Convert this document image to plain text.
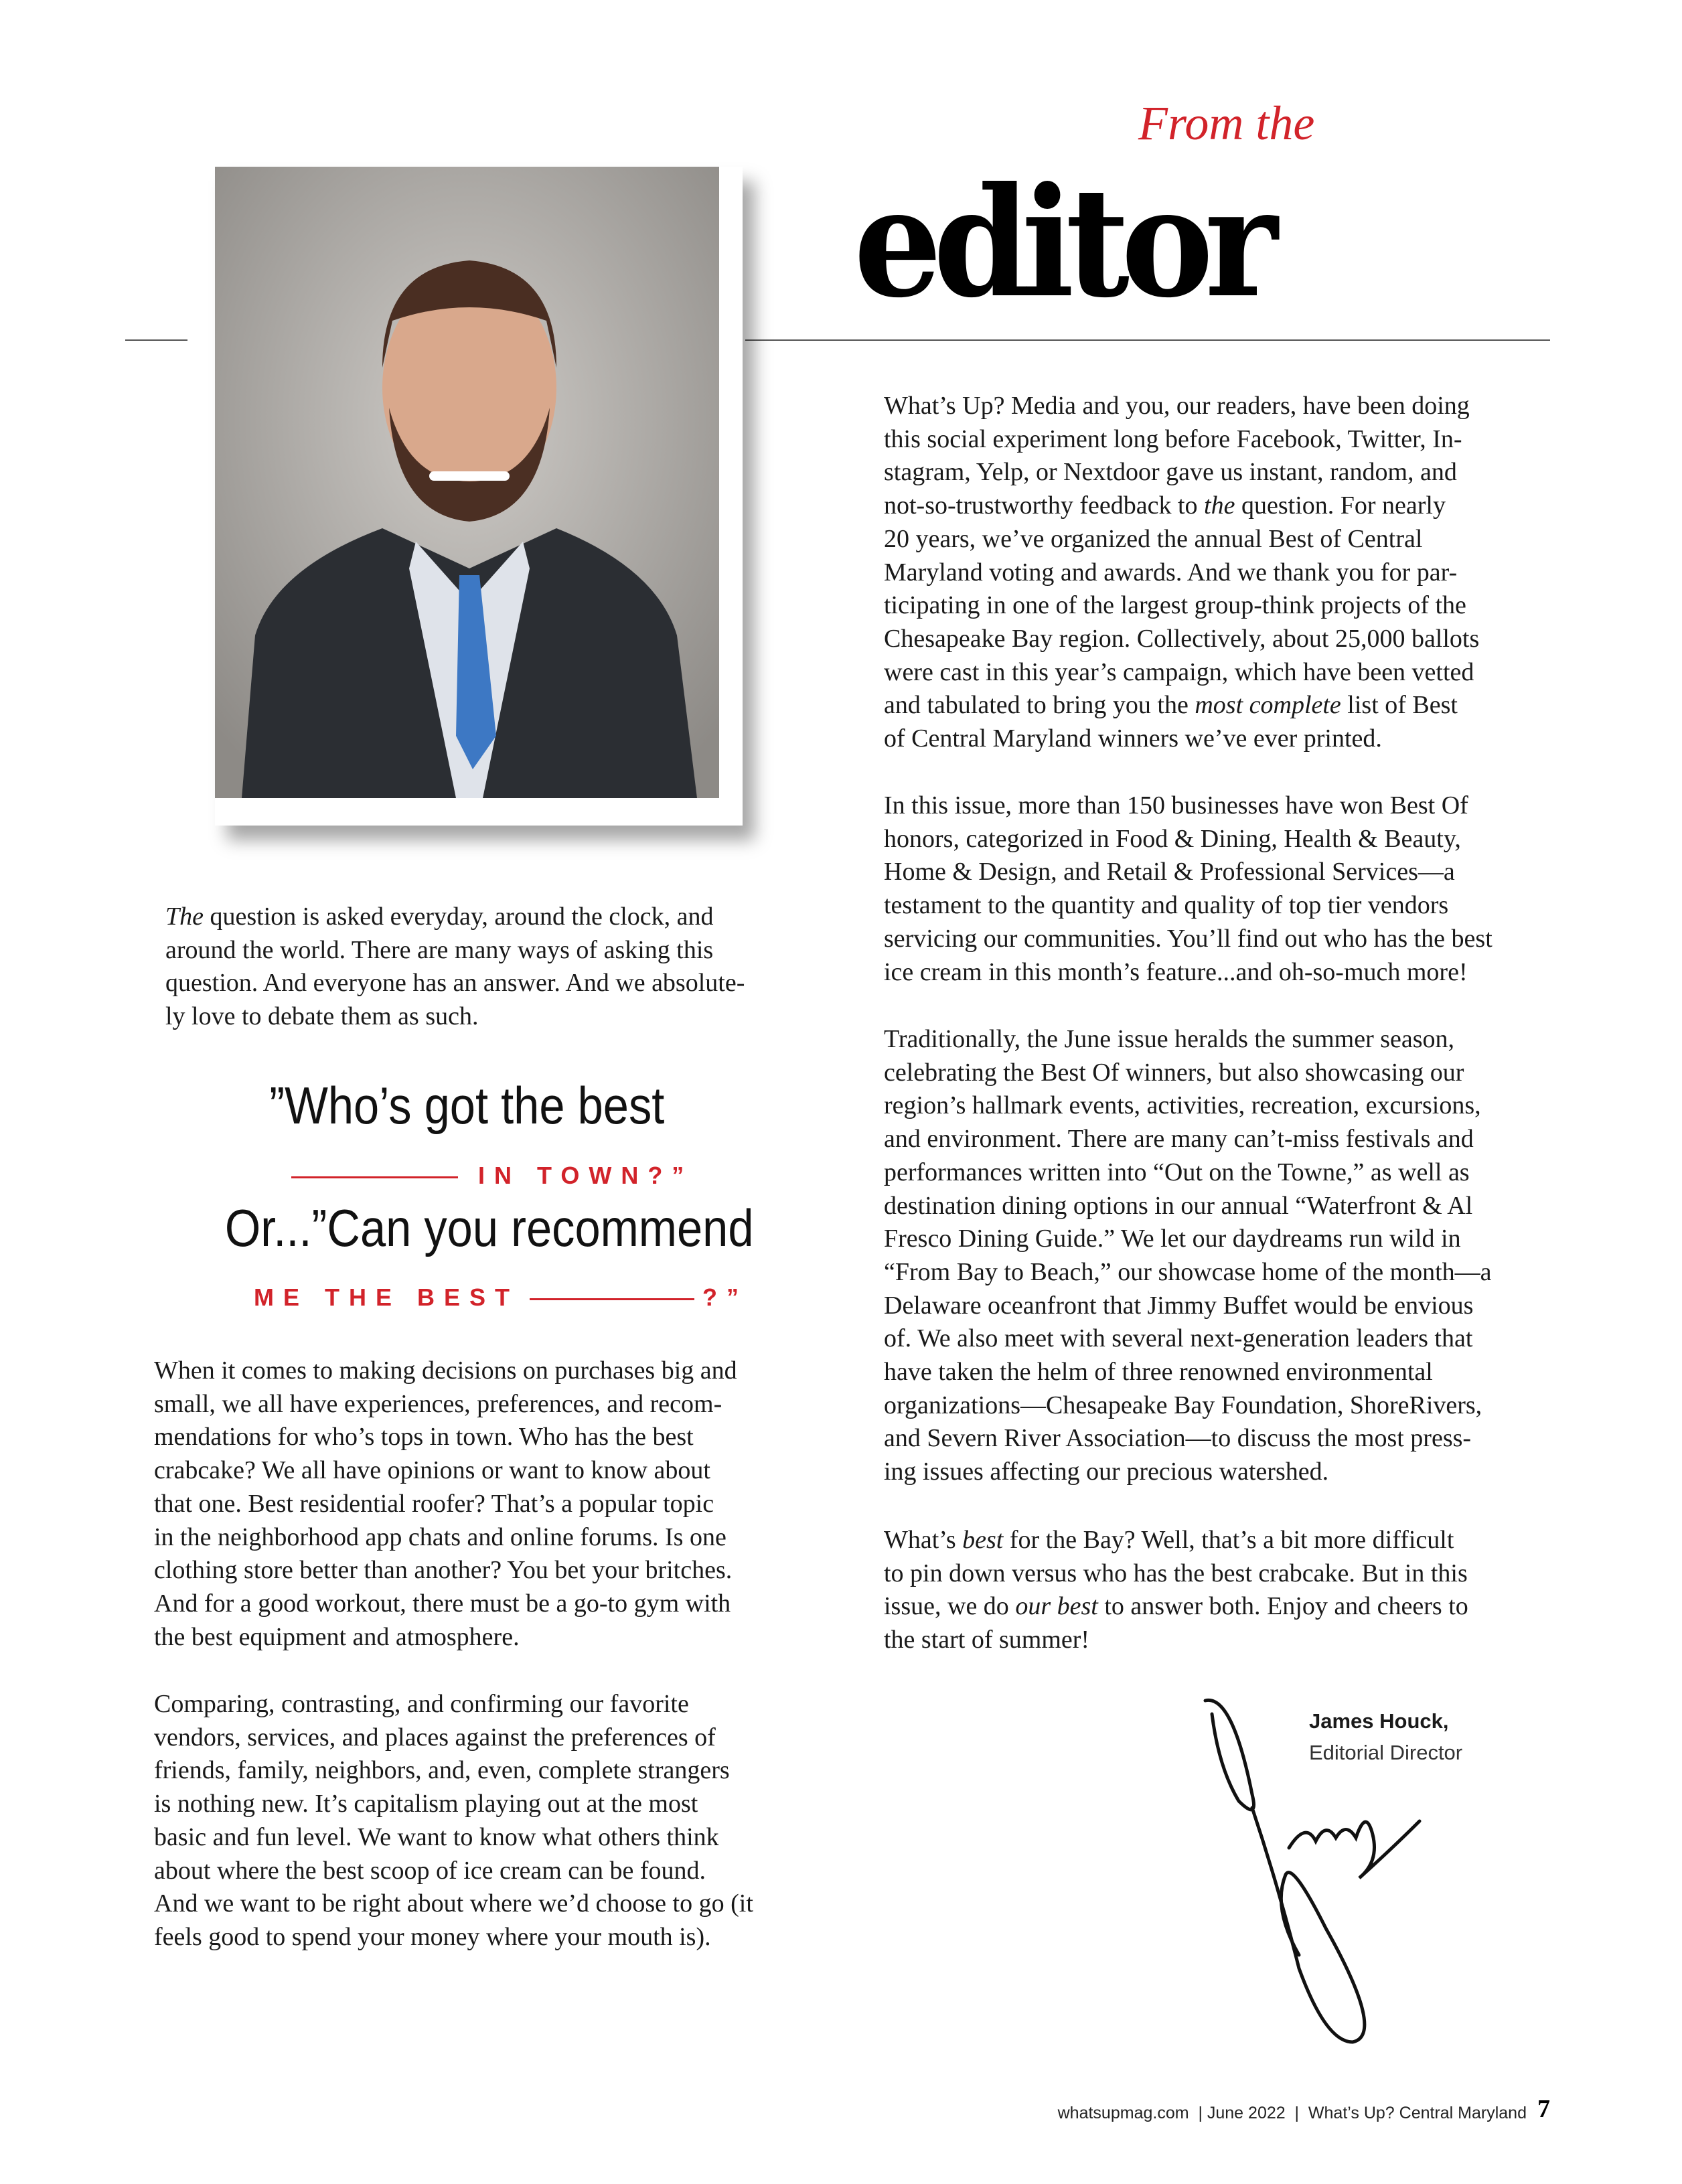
From the
editor
The question is asked everyday, around the clock, and
around the world. There are many ways of asking this
question. And everyone has an answer. And we absolute-
ly love to debate them as such.
”Who’s got the best
IN TOWN?”
Or...”Can you recommend
ME THE BEST	?”
When it comes to making decisions on purchases big and
small, we all have experiences, preferences, and recom-
mendations for who’s tops in town. Who has the best
crabcake? We all have opinions or want to know about
that one. Best residential roofer? That’s a popular topic
in the neighborhood app chats and online forums. Is one
clothing store better than another? You bet your britches.
And for a good workout, there must be a go-to gym with
the best equipment and atmosphere.
Comparing, contrasting, and confirming our favorite
vendors, services, and places against the preferences of
friends, family, neighbors, and, even, complete strangers
is nothing new. It’s capitalism playing out at the most
basic and fun level. We want to know what others think
about where the best scoop of ice cream can be found.
And we want to be right about where we’d choose to go (it
feels good to spend your money where your mouth is).
What’s Up? Media and you, our readers, have been doing
this social experiment long before Facebook, Twitter, In-
stagram, Yelp, or Nextdoor gave us instant, random, and
not-so-trustworthy feedback to the question. For nearly
20 years, we’ve organized the annual Best of Central
Maryland voting and awards. And we thank you for par-
ticipating in one of the largest group-think projects of the
Chesapeake Bay region. Collectively, about 25,000 ballots
were cast in this year’s campaign, which have been vetted
and tabulated to bring you the most complete list of Best
of Central Maryland winners we’ve ever printed.
In this issue, more than 150 businesses have won Best Of
honors, categorized in Food & Dining, Health & Beauty,
Home & Design, and Retail & Professional Services—a
testament to the quantity and quality of top tier vendors
servicing our communities. You’ll find out who has the best
ice cream in this month’s feature...and oh-so-much more!
Traditionally, the June issue heralds the summer season,
celebrating the Best Of winners, but also showcasing our
region’s hallmark events, activities, recreation, excursions,
and environment. There are many can’t-miss festivals and
performances written into “Out on the Towne,” as well as
destination dining options in our annual “Waterfront & Al
Fresco Dining Guide.” We let our daydreams run wild in
“From Bay to Beach,” our showcase home of the month—a
Delaware oceanfront that Jimmy Buffet would be envious
of. We also meet with several next-generation leaders that
have taken the helm of three renowned environmental
organizations—Chesapeake Bay Foundation, ShoreRivers,
and Severn River Association—to discuss the most press-
ing issues affecting our precious watershed.
What’s best for the Bay? Well, that’s a bit more difficult
to pin down versus who has the best crabcake. But in this
issue, we do our best to answer both. Enjoy and cheers to
the start of summer!
James Houck,
Editorial Director
whatsupmag.com  | June 2022  |  What’s Up? Central Maryland 7
